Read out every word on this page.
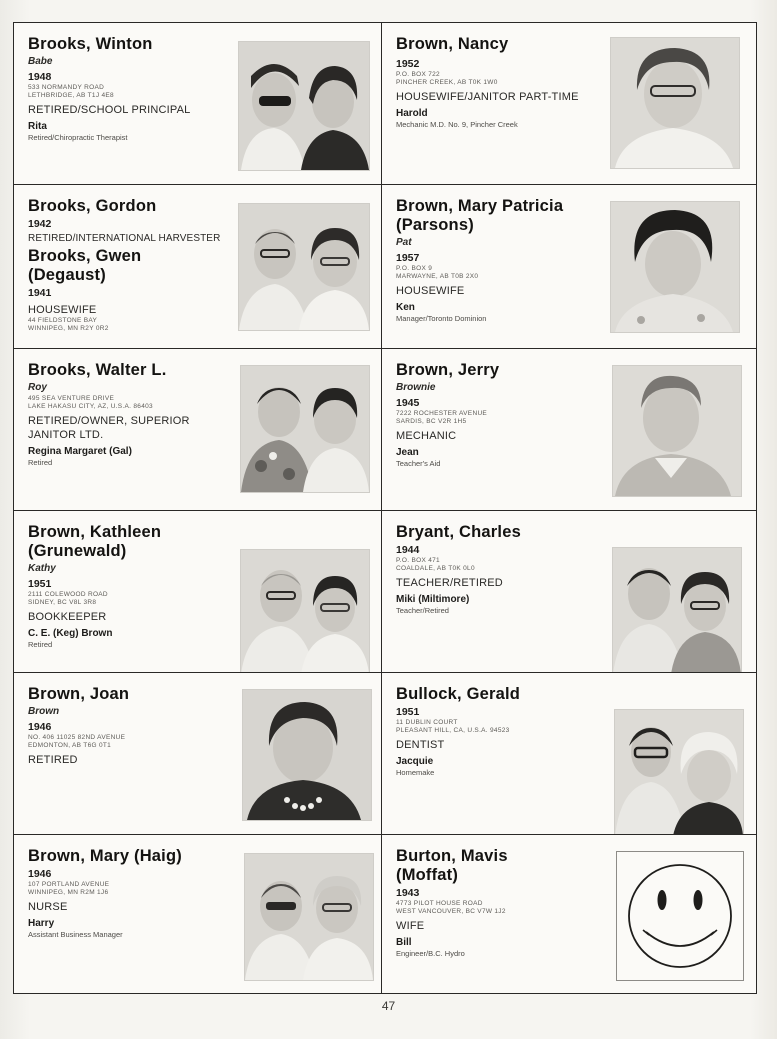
Brooks, Winton
Babe
1948
533 NORMANDY ROAD
LETHBRIDGE, AB T1J 4E8
RETIRED/SCHOOL PRINCIPAL
Rita
Retired/Chiropractic Therapist
Brooks, Gordon
1942
RETIRED/INTERNATIONAL HARVESTER
Brooks, Gwen
(Degaust)
1941
HOUSEWIFE
44 FIELDSTONE BAY
WINNIPEG, MN R2Y 0R2
Brooks, Walter L.
Roy
495 SEA VENTURE DRIVE
LAKE HAKASU CITY, AZ, U.S.A. 86403
RETIRED/OWNER, SUPERIOR
JANITOR LTD.
Regina Margaret (Gal)
Retired
Brown, Kathleen
(Grunewald)
Kathy
1951
2111 COLEWOOD ROAD
SIDNEY, BC V8L 3R8
BOOKKEEPER
C. E. (Keg) Brown
Retired
Brown, Joan
Brown
1946
NO. 406 11025 82ND AVENUE
EDMONTON, AB T6G 0T1
RETIRED
Brown, Mary (Haig)
1946
107 PORTLAND AVENUE
WINNIPEG, MN R2M 1J6
NURSE
Harry
Assistant Business Manager
Brown, Nancy
1952
P.O. BOX 722
PINCHER CREEK, AB T0K 1W0
HOUSEWIFE/JANITOR PART-TIME
Harold
Mechanic M.D. No. 9, Pincher Creek
Brown, Mary Patricia
(Parsons)
Pat
1957
P.O. BOX 9
MARWAYNE, AB T0B 2X0
HOUSEWIFE
Ken
Manager/Toronto Dominion
Brown, Jerry
Brownie
1945
7222 ROCHESTER AVENUE
SARDIS, BC V2R 1H5
MECHANIC
Jean
Teacher's Aid
Bryant, Charles
1944
P.O. BOX 471
COALDALE, AB T0K 0L0
TEACHER/RETIRED
Miki (Miltimore)
Teacher/Retired
Bullock, Gerald
1951
11 DUBLIN COURT
PLEASANT HILL, CA, U.S.A. 94523
DENTIST
Jacquie
Homemake
Burton, Mavis
(Moffat)
1943
4773 PILOT HOUSE ROAD
WEST VANCOUVER, BC V7W 1J2
WIFE
Bill
Engineer/B.C. Hydro
47
